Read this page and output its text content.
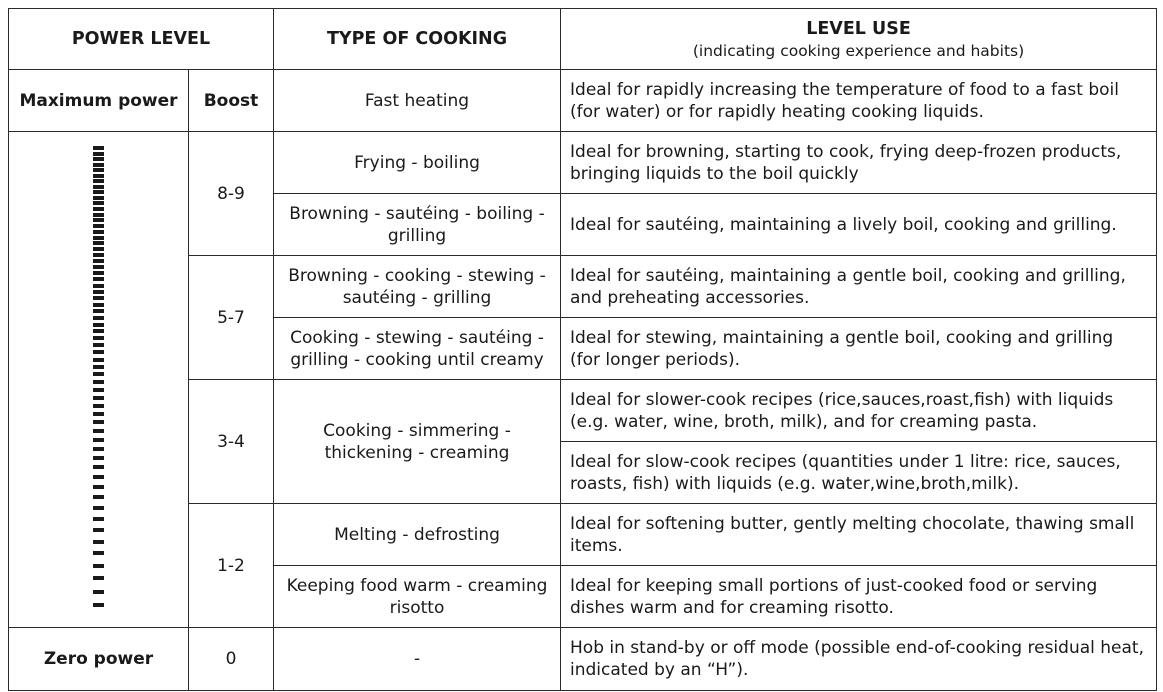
POWER LEVEL		TYPE OF COOKING	LEVEL USE
(indicating cooking experience and habits)

Maximum power	Boost	Fast heating	Ideal for rapidly increasing the temperature of food to a fast boil (for water) or for rapidly heating cooking liquids.

	8-9	Frying - boiling	Ideal for browning, starting to cook, frying deep-frozen products, bringing liquids to the boil quickly
		Browning - sautéing - boiling - grilling	Ideal for sautéing, maintaining a lively boil, cooking and grilling.
	5-7	Browning - cooking - stewing - sautéing - grilling	Ideal for sautéing, maintaining a gentle boil, cooking and grilling, and preheating accessories.
		Cooking - stewing - sautéing - grilling - cooking until creamy	Ideal for stewing, maintaining a gentle boil, cooking and grilling (for longer periods).
	3-4	Cooking - simmering - thickening - creaming	Ideal for slower-cook recipes (rice,sauces,roast,fish) with liquids (e.g. water, wine, broth, milk), and for creaming pasta.
			Ideal for slow-cook recipes (quantities under 1 litre: rice, sauces, roasts, fish) with liquids (e.g. water,wine,broth,milk).
	1-2	Melting - defrosting	Ideal for softening butter, gently melting chocolate, thawing small items.
		Keeping food warm - creaming risotto	Ideal for keeping small portions of just-cooked food or serving dishes warm and for creaming risotto.
Zero power	0	-	Hob in stand-by or off mode (possible end-of-cooking residual heat, indicated by an “H”).
